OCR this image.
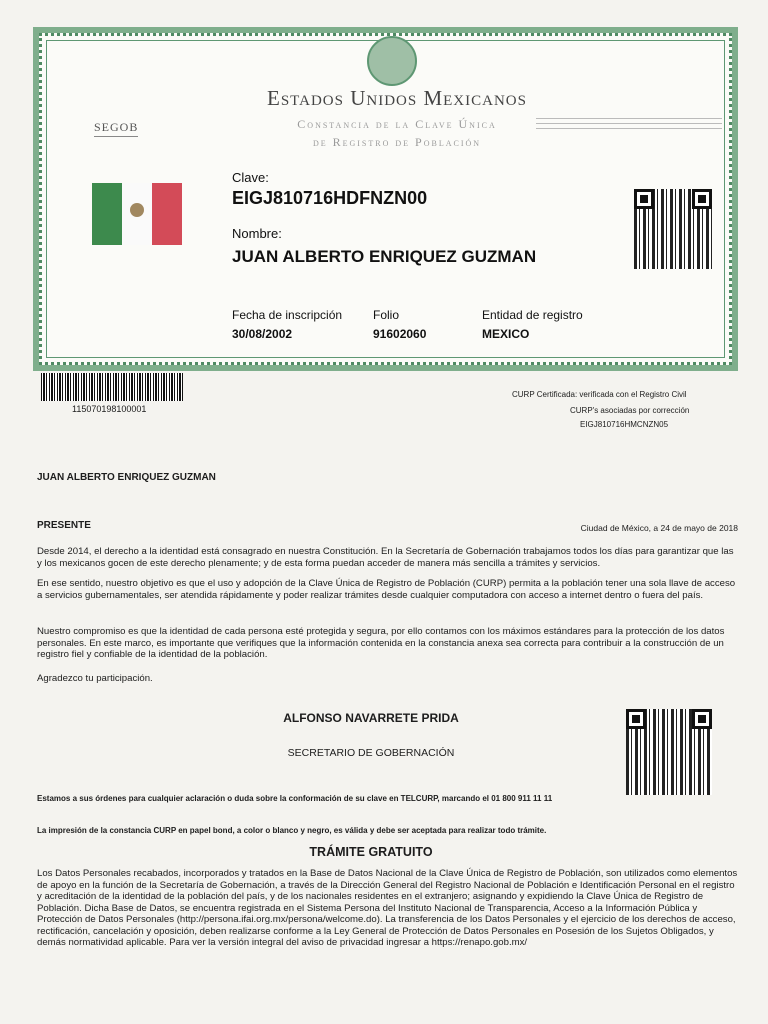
Estados Unidos Mexicanos
Constancia de la Clave Única
de Registro de Población
SEGOB
Clave:
EIGJ810716HDFNZN00
Nombre:
JUAN ALBERTO ENRIQUEZ GUZMAN
Fecha de inscripción
30/08/2002
Folio
91602060
Entidad de registro
MEXICO
115070198100001
CURP Certificada: verificada con el Registro Civil
CURP's asociadas por corrección
EIGJ810716HMCNZN05
JUAN ALBERTO ENRIQUEZ GUZMAN
PRESENTE	Ciudad de México, a 24 de mayo de 2018
Desde 2014, el derecho a la identidad está consagrado en nuestra Constitución. En la Secretaría de Gobernación trabajamos todos los días para garantizar que las y los mexicanos gocen de este derecho plenamente; y de esta forma puedan acceder de manera más sencilla a trámites y servicios.
En ese sentido, nuestro objetivo es que el uso y adopción de la Clave Única de Registro de Población (CURP) permita a la población tener una sola llave de acceso a servicios gubernamentales, ser atendida rápidamente y poder realizar trámites desde cualquier computadora con acceso a internet dentro o fuera del país.
Nuestro compromiso es que la identidad de cada persona esté protegida y segura, por ello contamos con los máximos estándares para la protección de los datos personales. En este marco, es importante que verifiques que la información contenida en la constancia anexa sea correcta para contribuir a la construcción de un registro fiel y confiable de la identidad de la población.
Agradezco tu participación.
ALFONSO NAVARRETE PRIDA
SECRETARIO DE GOBERNACIÓN
Estamos a sus órdenes para cualquier aclaración o duda sobre la conformación de su clave en TELCURP, marcando el 01 800 911 11 11
La impresión de la constancia CURP en papel bond, a color o blanco y negro, es válida y debe ser aceptada para realizar todo trámite.
TRÁMITE GRATUITO
Los Datos Personales recabados, incorporados y tratados en la Base de Datos Nacional de la Clave Única de Registro de Población, son utilizados como elementos de apoyo en la función de la Secretaría de Gobernación, a través de la Dirección General del Registro Nacional de Población e Identificación Personal en el registro y acreditación de la identidad de la población del país, y de los nacionales residentes en el extranjero; asignando y expidiendo la Clave Única de Registro de Población. Dicha Base de Datos, se encuentra registrada en el Sistema Persona del Instituto Nacional de Transparencia, Acceso a la Información Pública y Protección de Datos Personales (http://persona.ifai.org.mx/persona/welcome.do). La transferencia de los Datos Personales y el ejercicio de los derechos de acceso, rectificación, cancelación y oposición, deben realizarse conforme a la Ley General de Protección de Datos Personales en Posesión de los Sujetos Obligados, y demás normatividad aplicable. Para ver la versión integral del aviso de privacidad ingresar a https://renapo.gob.mx/
